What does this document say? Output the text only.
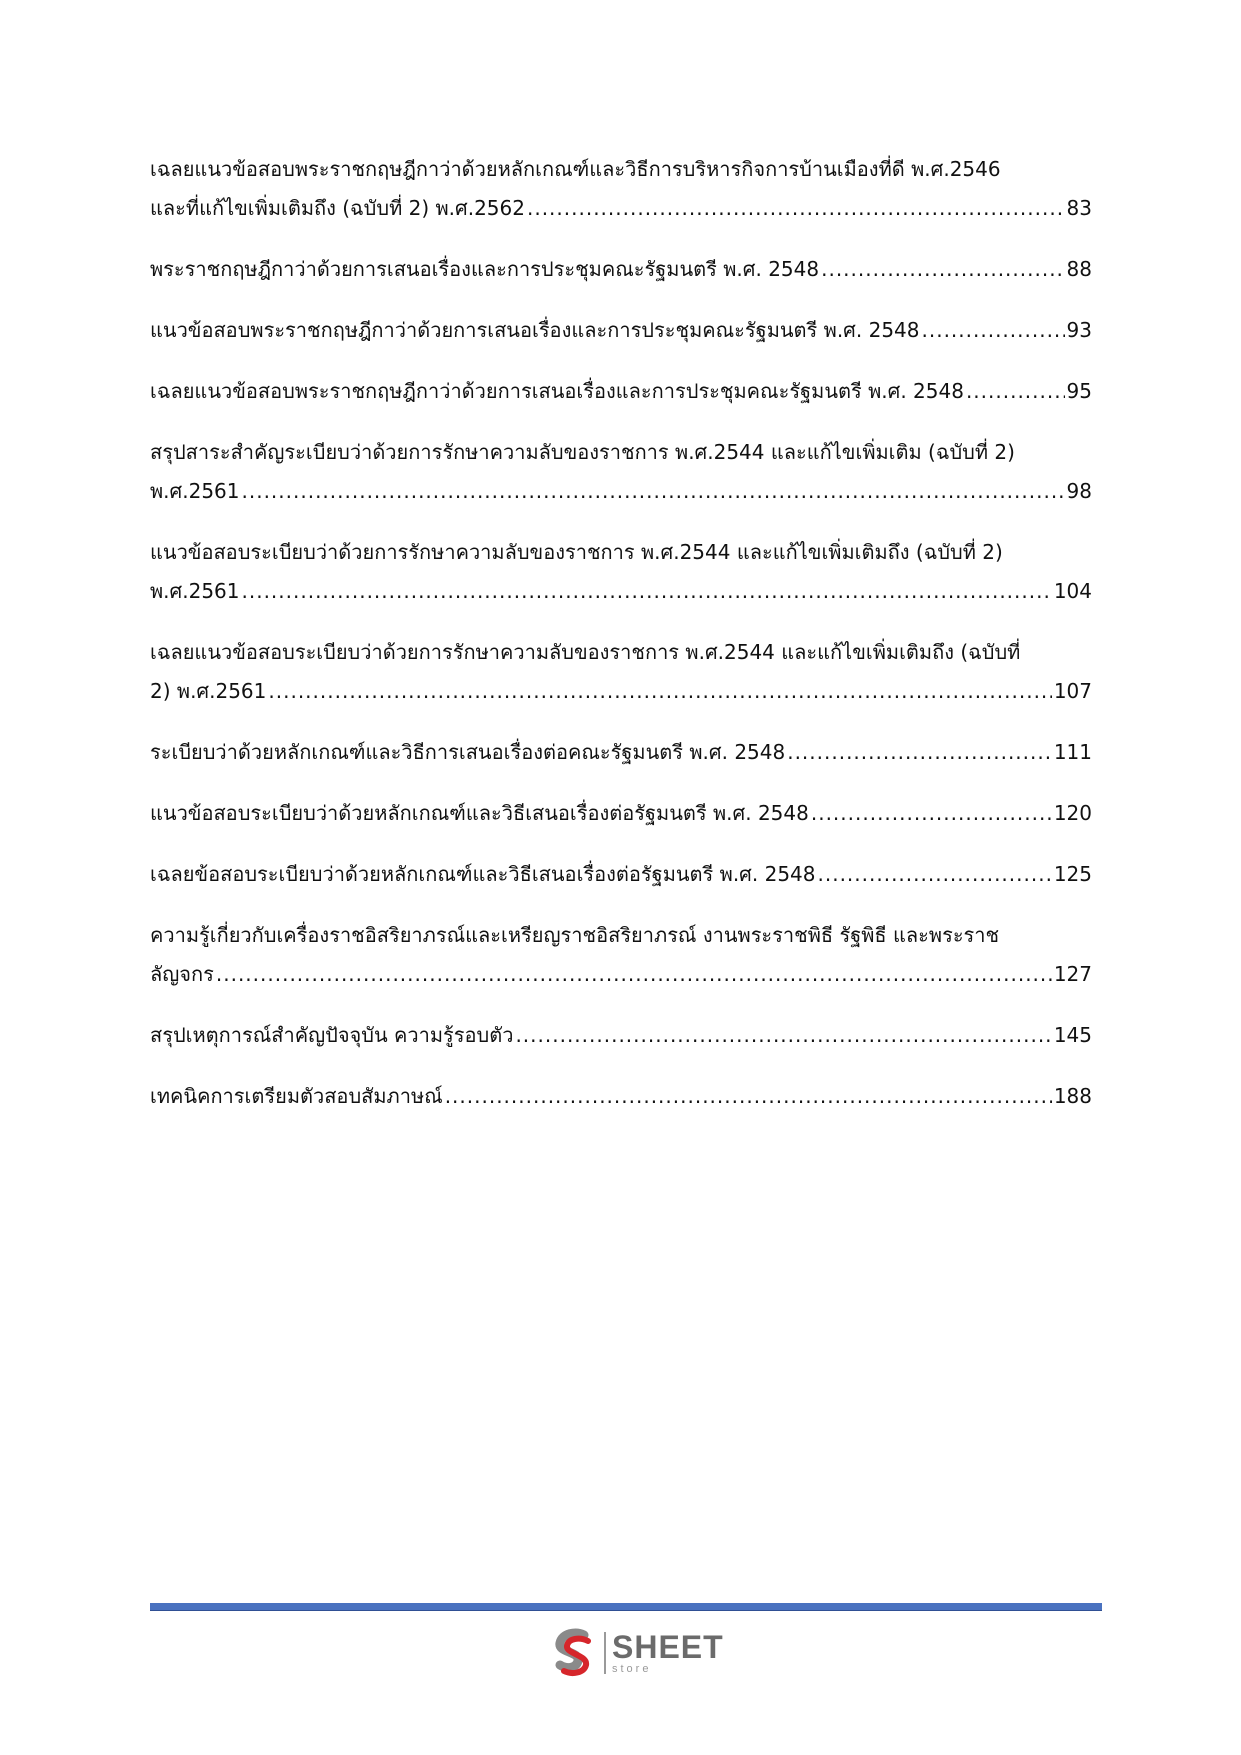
เฉลยแนวข้อสอบพระราชกฤษฎีกาว่าด้วยหลักเกณฑ์และวิธีการบริหารกิจการบ้านเมืองที่ดี พ.ศ.2546
และที่แก้ไขเพิ่มเติมถึง (ฉบับที่ 2) พ.ศ.2562 .....	83
พระราชกฤษฎีกาว่าด้วยการเสนอเรื่องและการประชุมคณะรัฐมนตรี พ.ศ. 2548 .....	88
แนวข้อสอบพระราชกฤษฎีกาว่าด้วยการเสนอเรื่องและการประชุมคณะรัฐมนตรี พ.ศ. 2548 .....	93
เฉลยแนวข้อสอบพระราชกฤษฎีกาว่าด้วยการเสนอเรื่องและการประชุมคณะรัฐมนตรี พ.ศ. 2548 .....	95
สรุปสาระสำคัญระเบียบว่าด้วยการรักษาความลับของราชการ พ.ศ.2544 และแก้ไขเพิ่มเติม (ฉบับที่ 2)
พ.ศ.2561 .....	98
แนวข้อสอบระเบียบว่าด้วยการรักษาความลับของราชการ พ.ศ.2544 และแก้ไขเพิ่มเติมถึง (ฉบับที่ 2)
พ.ศ.2561 .....	104
เฉลยแนวข้อสอบระเบียบว่าด้วยการรักษาความลับของราชการ พ.ศ.2544 และแก้ไขเพิ่มเติมถึง (ฉบับที่
2) พ.ศ.2561 .....	107
ระเบียบว่าด้วยหลักเกณฑ์และวิธีการเสนอเรื่องต่อคณะรัฐมนตรี พ.ศ. 2548 .....	111
แนวข้อสอบระเบียบว่าด้วยหลักเกณฑ์และวิธีเสนอเรื่องต่อรัฐมนตรี พ.ศ. 2548 .....	120
เฉลยข้อสอบระเบียบว่าด้วยหลักเกณฑ์และวิธีเสนอเรื่องต่อรัฐมนตรี พ.ศ. 2548 .....	125
ความรู้เกี่ยวกับเครื่องราชอิสริยาภรณ์และเหรียญราชอิสริยาภรณ์ งานพระราชพิธี รัฐพิธี และพระราช
ลัญจกร .....	127
สรุปเหตุการณ์สำคัญปัจจุบัน ความรู้รอบตัว .....	145
เทคนิคการเตรียมตัวสอบสัมภาษณ์ .....	188
SHEET
store
